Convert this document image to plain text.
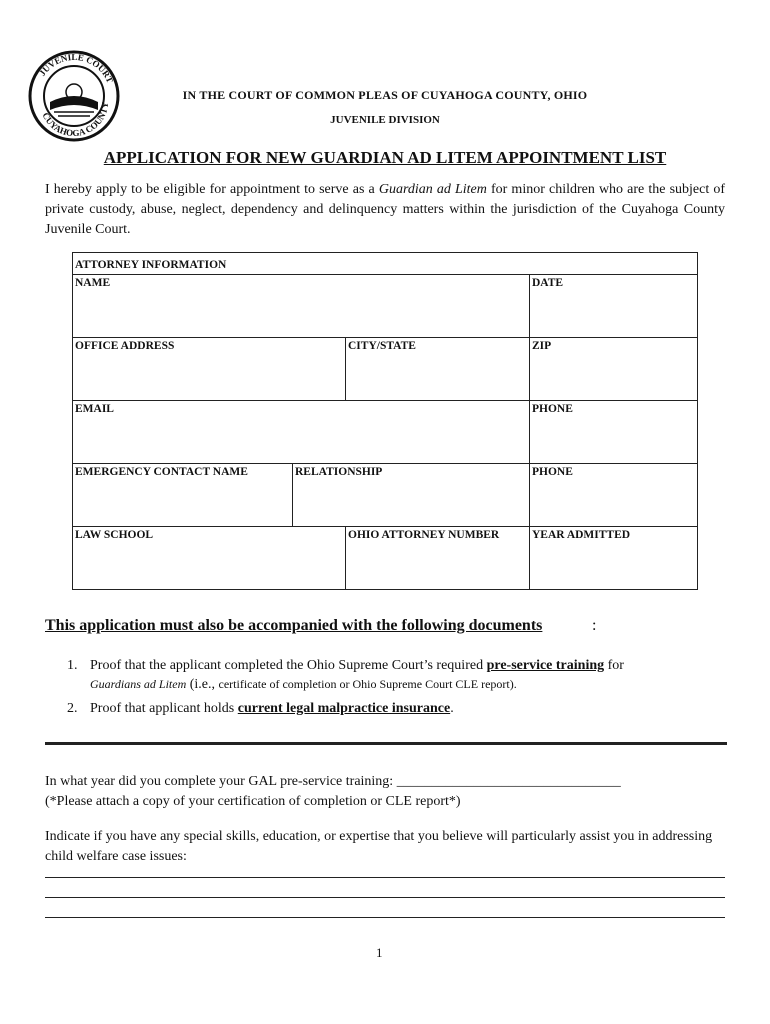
JUVENILE COURT
CUYAHOGA COUNTY
IN THE COURT OF COMMON PLEAS OF CUYAHOGA COUNTY, OHIO
JUVENILE DIVISION
APPLICATION FOR NEW GUARDIAN AD LITEM APPOINTMENT LIST
I hereby apply to be eligible for appointment to serve as a Guardian ad Litem for minor children who are the subject of private custody, abuse, neglect, dependency and delinquency matters within the jurisdiction of the Cuyahoga County Juvenile Court.
ATTORNEY INFORMATION
NAME	DATE
OFFICE ADDRESS	CITY/STATE	ZIP
EMAIL	PHONE
EMERGENCY CONTACT NAME	RELATIONSHIP	PHONE
LAW SCHOOL	OHIO ATTORNEY NUMBER	YEAR ADMITTED
This application must also be accompanied with the following documents	:
1. Proof that the applicant completed the Ohio Supreme Court’s required pre-service training for
Guardians ad Litem (i.e., certificate of completion or Ohio Supreme Court CLE report).
2. Proof that applicant holds current legal malpractice insurance.
In what year did you complete your GAL pre-service training: ________________________________
(*Please attach a copy of your certification of completion or CLE report*)
Indicate if you have any special skills, education, or expertise that you believe will particularly assist you in addressing child welfare case issues:
1
